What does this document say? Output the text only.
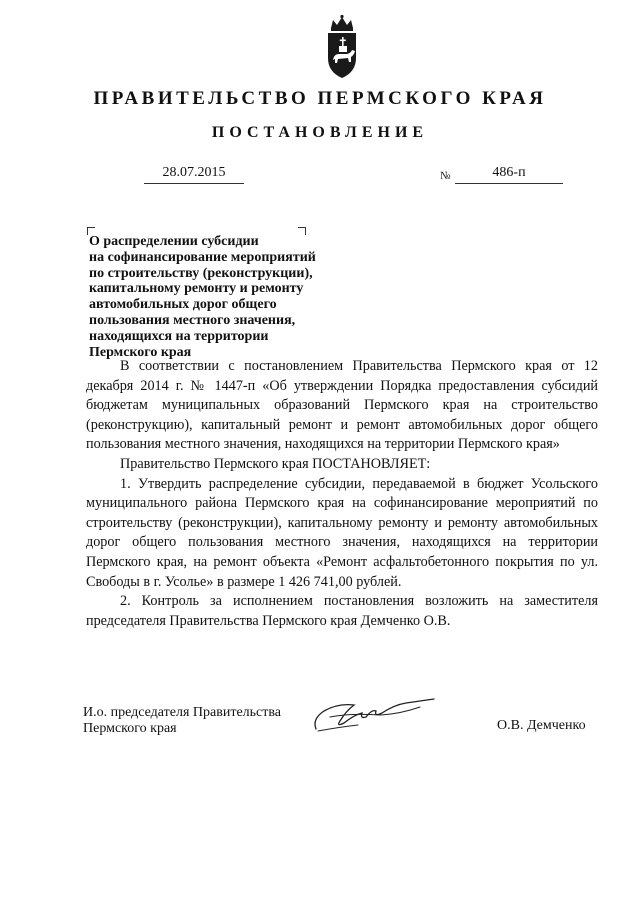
ПРАВИТЕЛЬСТВО ПЕРМСКОГО КРАЯ
ПОСТАНОВЛЕНИЕ
28.07.2015	№	486-п
О распределении субсидии
на софинансирование мероприятий
по строительству (реконструкции),
капитальному ремонту и ремонту
автомобильных дорог общего
пользования местного значения,
находящихся на территории
Пермского края

В соответствии с постановлением Правительства Пермского края от 12 декабря 2014 г. № 1447-п «Об утверждении Порядка предоставления субсидий бюджетам муниципальных образований Пермского края на строительство (реконструкцию), капитальный ремонт и ремонт автомобильных дорог общего пользования местного значения, находящихся на территории Пермского края»

Правительство Пермского края ПОСТАНОВЛЯЕТ:

1. Утвердить распределение субсидии, передаваемой в бюджет Усольского муниципального района Пермского края на софинансирование мероприятий по строительству (реконструкции), капитальному ремонту и ремонту автомобильных дорог общего пользования местного значения, находящихся на территории Пермского края, на ремонт объекта «Ремонт асфальтобетонного покрытия по ул. Свободы в г. Усолье» в размере 1 426 741,00 рублей.

2. Контроль за исполнением постановления возложить на заместителя председателя Правительства Пермского края Демченко О.В.

И.о. председателя Правительства
Пермского края	О.В. Демченко
